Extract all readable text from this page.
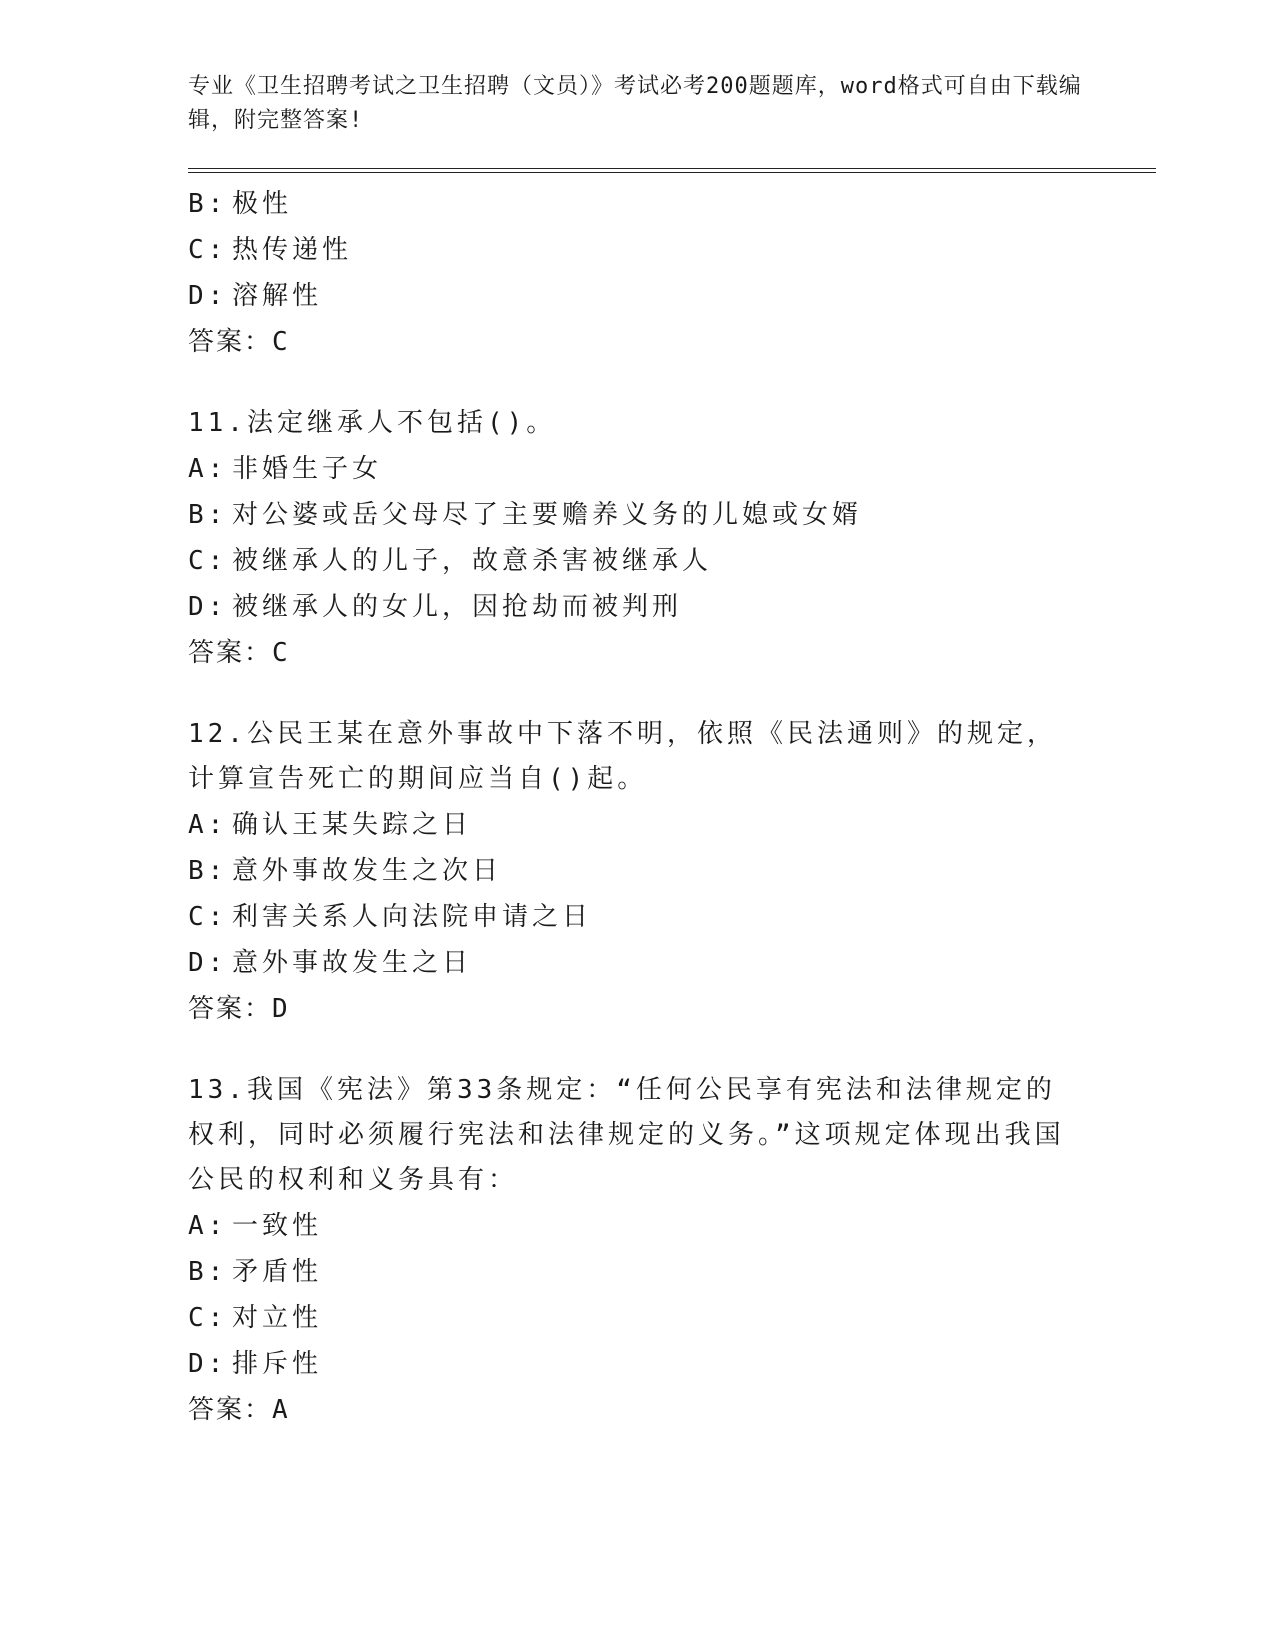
专业《卫生招聘考试之卫生招聘（文员）》考试必考200题题库，word格式可自由下载编辑，附完整答案!
B: 极性
C: 热传递性
D: 溶解性
答案：C
11.法定继承人不包括()。
A: 非婚生子女
B: 对公婆或岳父母尽了主要赡养义务的儿媳或女婿
C: 被继承人的儿子，故意杀害被继承人
D: 被继承人的女儿，因抢劫而被判刑
答案：C
12.公民王某在意外事故中下落不明，依照《民法通则》的规定，计算宣告死亡的期间应当自()起。
A: 确认王某失踪之日
B: 意外事故发生之次日
C: 利害关系人向法院申请之日
D: 意外事故发生之日
答案：D
13.我国《宪法》第33条规定：“任何公民享有宪法和法律规定的权利，同时必须履行宪法和法律规定的义务。”这项规定体现出我国公民的权利和义务具有：
A: 一致性
B: 矛盾性
C: 对立性
D: 排斥性
答案：A
